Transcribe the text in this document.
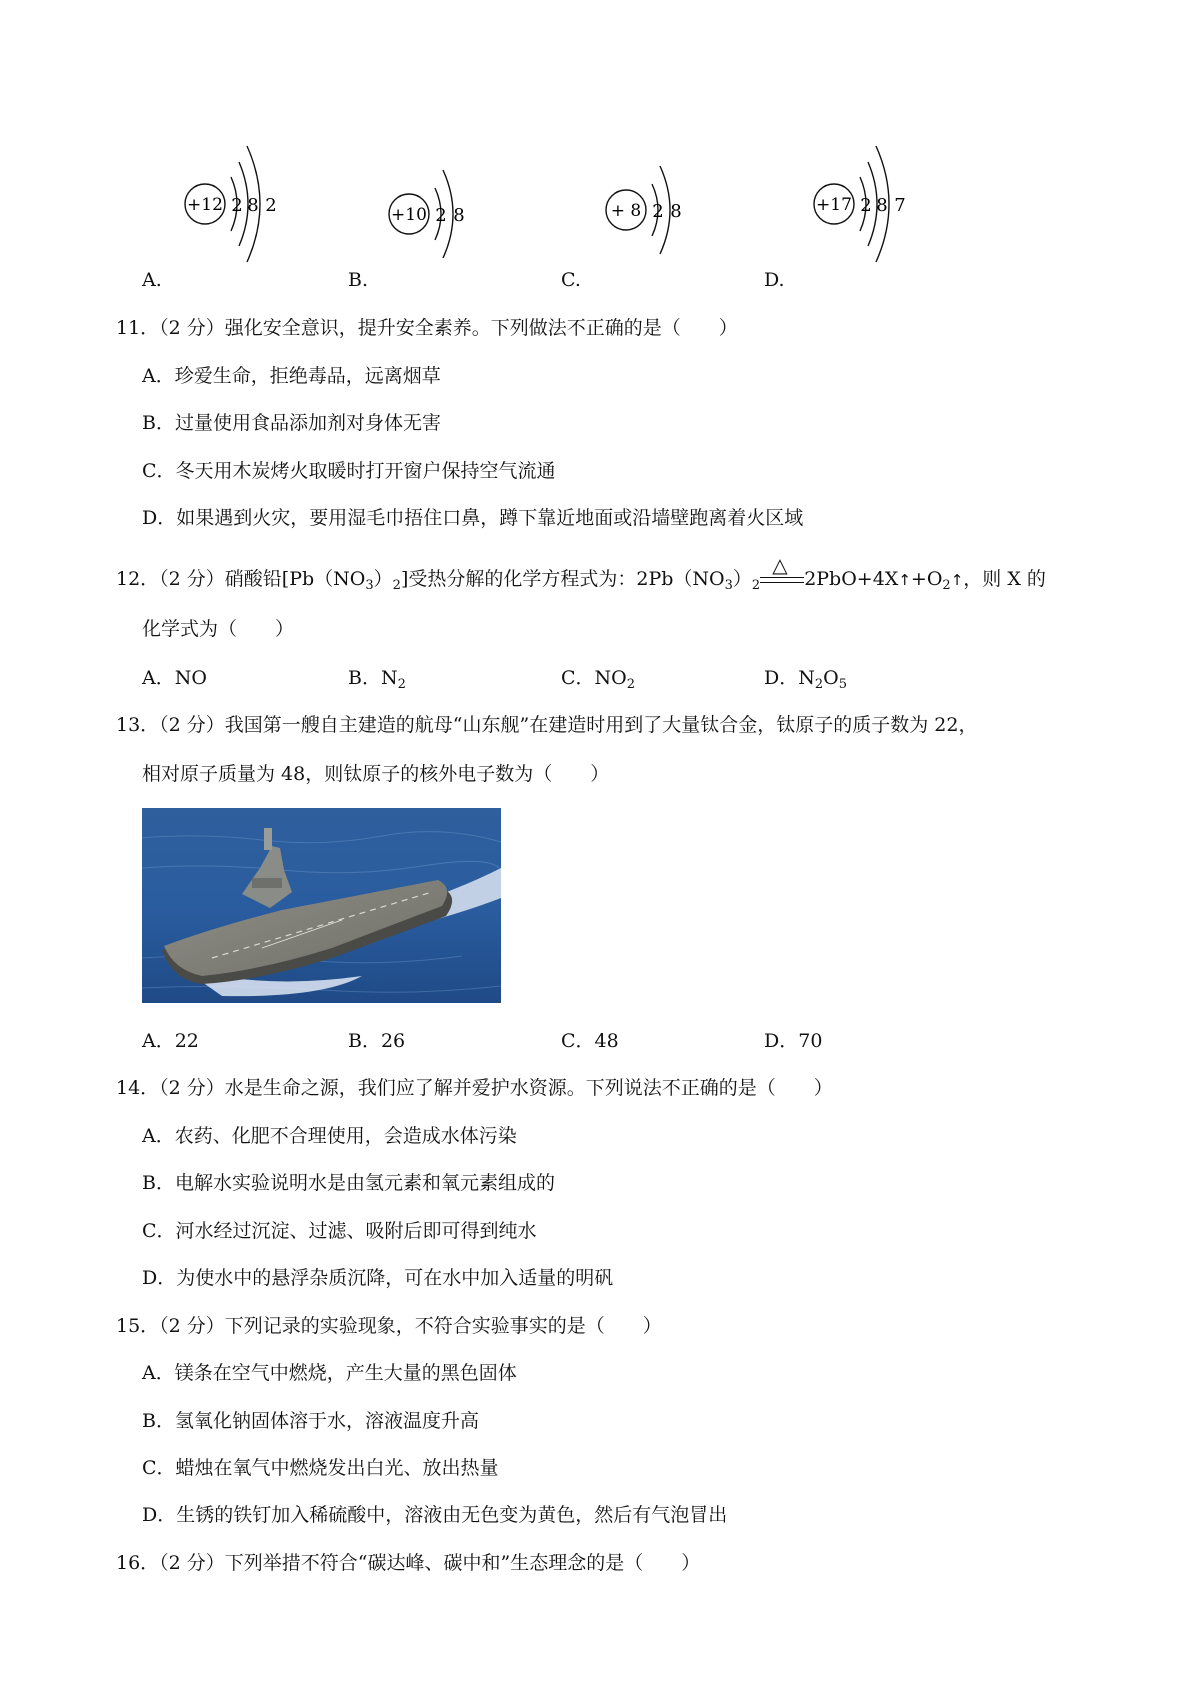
+12 2 8 2	+10 2 8	+ 8 2 8	+17 2 8 7
A.	B.	C.	D.
11．（2 分）强化安全意识，提升安全素养。下列做法不正确的是（　　）
A．珍爱生命，拒绝毒品，远离烟草
B．过量使用食品添加剂对身体无害
C．冬天用木炭烤火取暖时打开窗户保持空气流通
D．如果遇到火灾，要用湿毛巾捂住口鼻，蹲下靠近地面或沿墙壁跑离着火区域
12．（2 分）硝酸铅$[Pb(NO_3)_2]$受热分解的化学方程式为：$2Pb(NO_3)_2$
△
$2PbO+4X↑+O_2↑$，则 X 的
化学式为（　　）
A．NO	B．$N_2$	C．$NO_2$	D．$N_2O_5$
13．（2 分）我国第一艘自主建造的航母“山东舰”在建造时用到了大量钛合金，钛原子的质子数为 22，
相对原子质量为 48，则钛原子的核外电子数为（　　）
A．22	B．26	C．48	D．70
14．（2 分）水是生命之源，我们应了解并爱护水资源。下列说法不正确的是（　　）
A．农药、化肥不合理使用，会造成水体污染
B．电解水实验说明水是由氢元素和氧元素组成的
C．河水经过沉淀、过滤、吸附后即可得到纯水
D．为使水中的悬浮杂质沉降，可在水中加入适量的明矾
15．（2 分）下列记录的实验现象，不符合实验事实的是（　　）
A．镁条在空气中燃烧，产生大量的黑色固体
B．氢氧化钠固体溶于水，溶液温度升高
C．蜡烛在氧气中燃烧发出白光、放出热量
D．生锈的铁钉加入稀硫酸中，溶液由无色变为黄色，然后有气泡冒出
16．（2 分）下列举措不符合“碳达峰、碳中和”生态理念的是（　　）
